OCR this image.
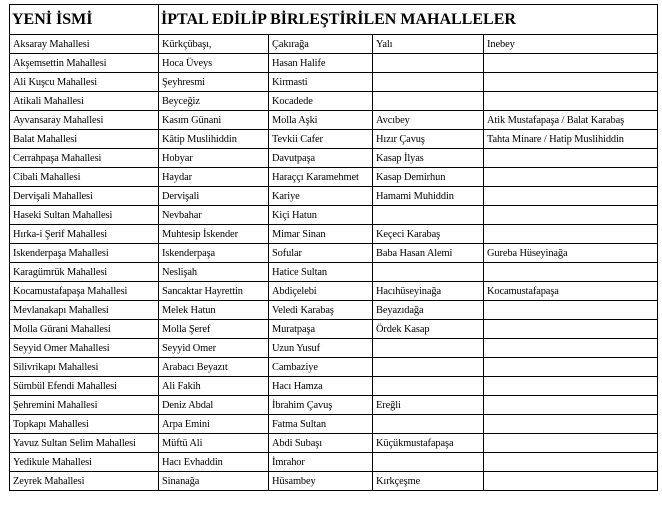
YENİ İSMİ	İPTAL EDİLİP BİRLEŞTİRİLEN MAHALLELER			
Aksaray Mahallesi	Kürkçübaşı,	Çakırağa	Yalı	Inebey
Akşemsettin Mahallesi	Hoca Üveys	Hasan Halife		
Ali Kuşcu Mahallesi	Şeyhresmi	Kirmasti		
Atikali Mahallesi	Beyceğiz	Kocadede		
Ayvansaray Mahallesi	Kasım Günani	Molla Aşki	Avcıbey	Atik Mustafapaşa / Balat Karabaş
Balat Mahallesi	Kâtip Muslihiddin	Tevkii Cafer	Hızır Çavuş	Tahta Minare / Hatip Muslihiddin
Cerrahpaşa Mahallesi	Hobyar	Davutpaşa	Kasap İlyas	
Cibali Mahallesi	Haydar	Haraççı Karamehmet	Kasap Demirhun	
Dervişali Mahallesi	Dervişali	Kariye	Hamami Muhiddin	
Haseki Sultan Mahallesi	Nevbahar	Kiçi Hatun		
Hırka-i Şerif Mahallesi	Muhtesip İskender	Mimar Sinan	Keçeci Karabaş	
Iskenderpaşa Mahallesi	Iskenderpaşa	Sofular	Baba Hasan Alemi	Gureba Hüseyinağa
Karagümrük Mahallesi	Neslişah	Hatice Sultan		
Kocamustafapaşa Mahallesi	Sancaktar Hayrettin	Abdiçelebi	Hacıhüseyinağa	Kocamustafapaşa
Mevlanakapı Mahallesi	Melek Hatun	Veledi Karabaş	Beyazıdağa	
Molla Gürani Mahallesi	Molla Şeref	Muratpaşa	Ördek Kasap	
Seyyid Omer Mahallesi	Seyyid Omer	Uzun Yusuf		
Silivrikapı Mahallesi	Arabacı Beyazıt	Cambaziye		
Sümbül Efendi Mahallesi	Ali Fakih	Hacı Hamza		
Şehremini Mahallesi	Deniz Abdal	İbrahim Çavuş	Ereğli	
Topkapı Mahallesi	Arpa Emini	Fatma Sultan		
Yavuz Sultan Selim Mahallesi	Müftü Ali	Abdi Subaşı	Küçükmustafapaşa	
Yedikule Mahallesi	Hacı Evhaddin	İmrahor		
Zeyrek Mahallesi	Sinanağa	Hüsambey	Kırkçeşme	
